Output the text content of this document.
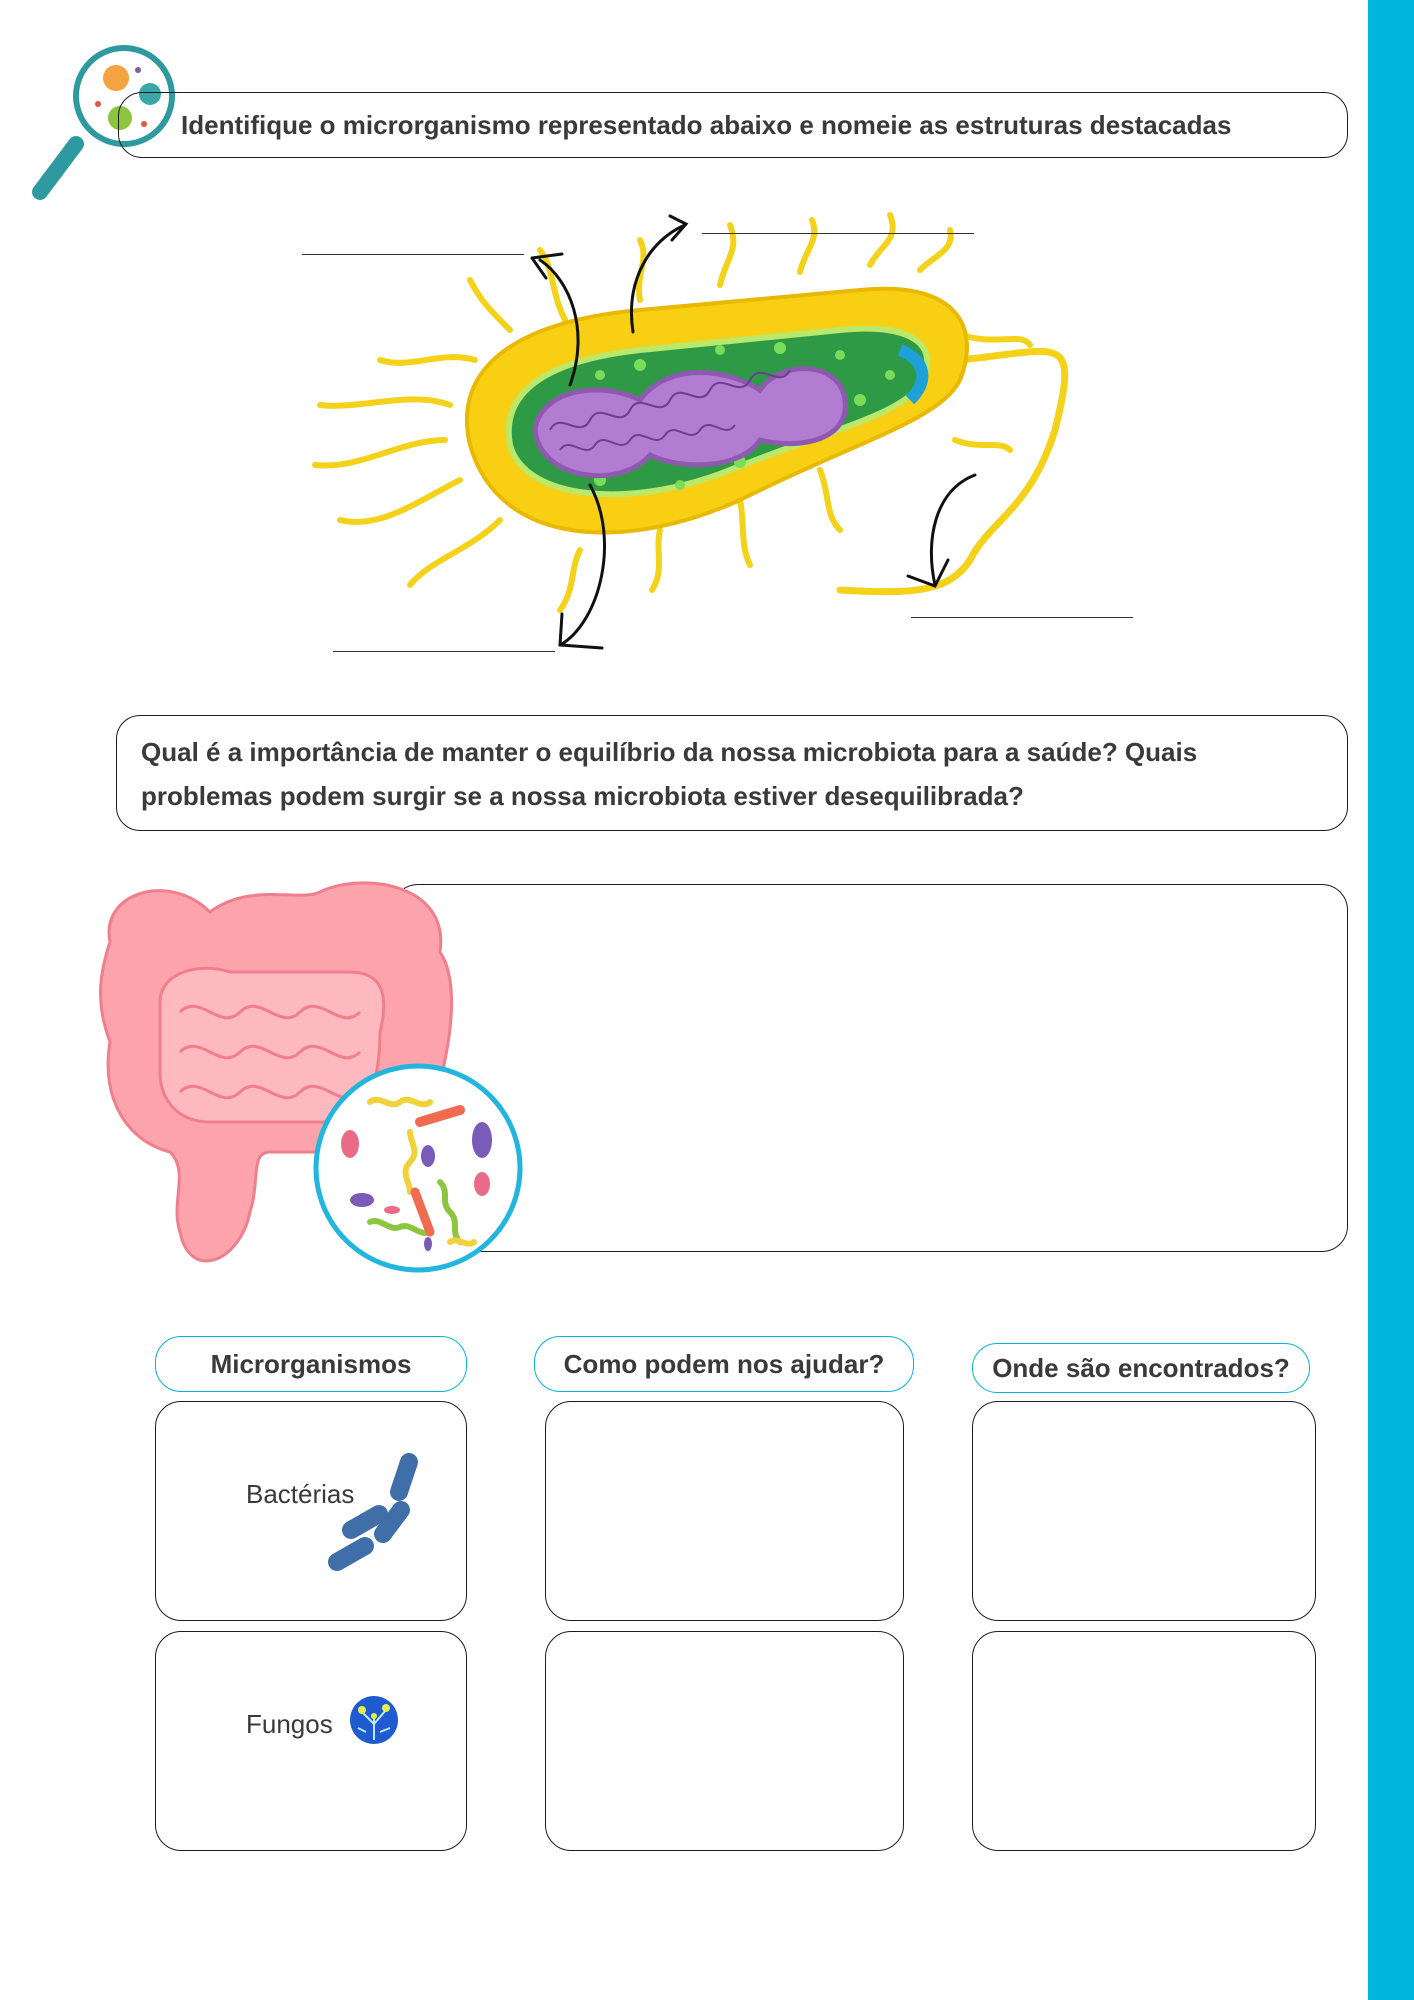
Identifique o microrganismo representado abaixo e nomeie as estruturas destacadas
Qual é a importância de manter o equilíbrio da nossa microbiota para a saúde? Quais problemas podem surgir se a nossa microbiota estiver desequilibrada?
Microrganismos	Como podem nos ajudar?	Onde são encontrados?
Bactérias
Fungos
